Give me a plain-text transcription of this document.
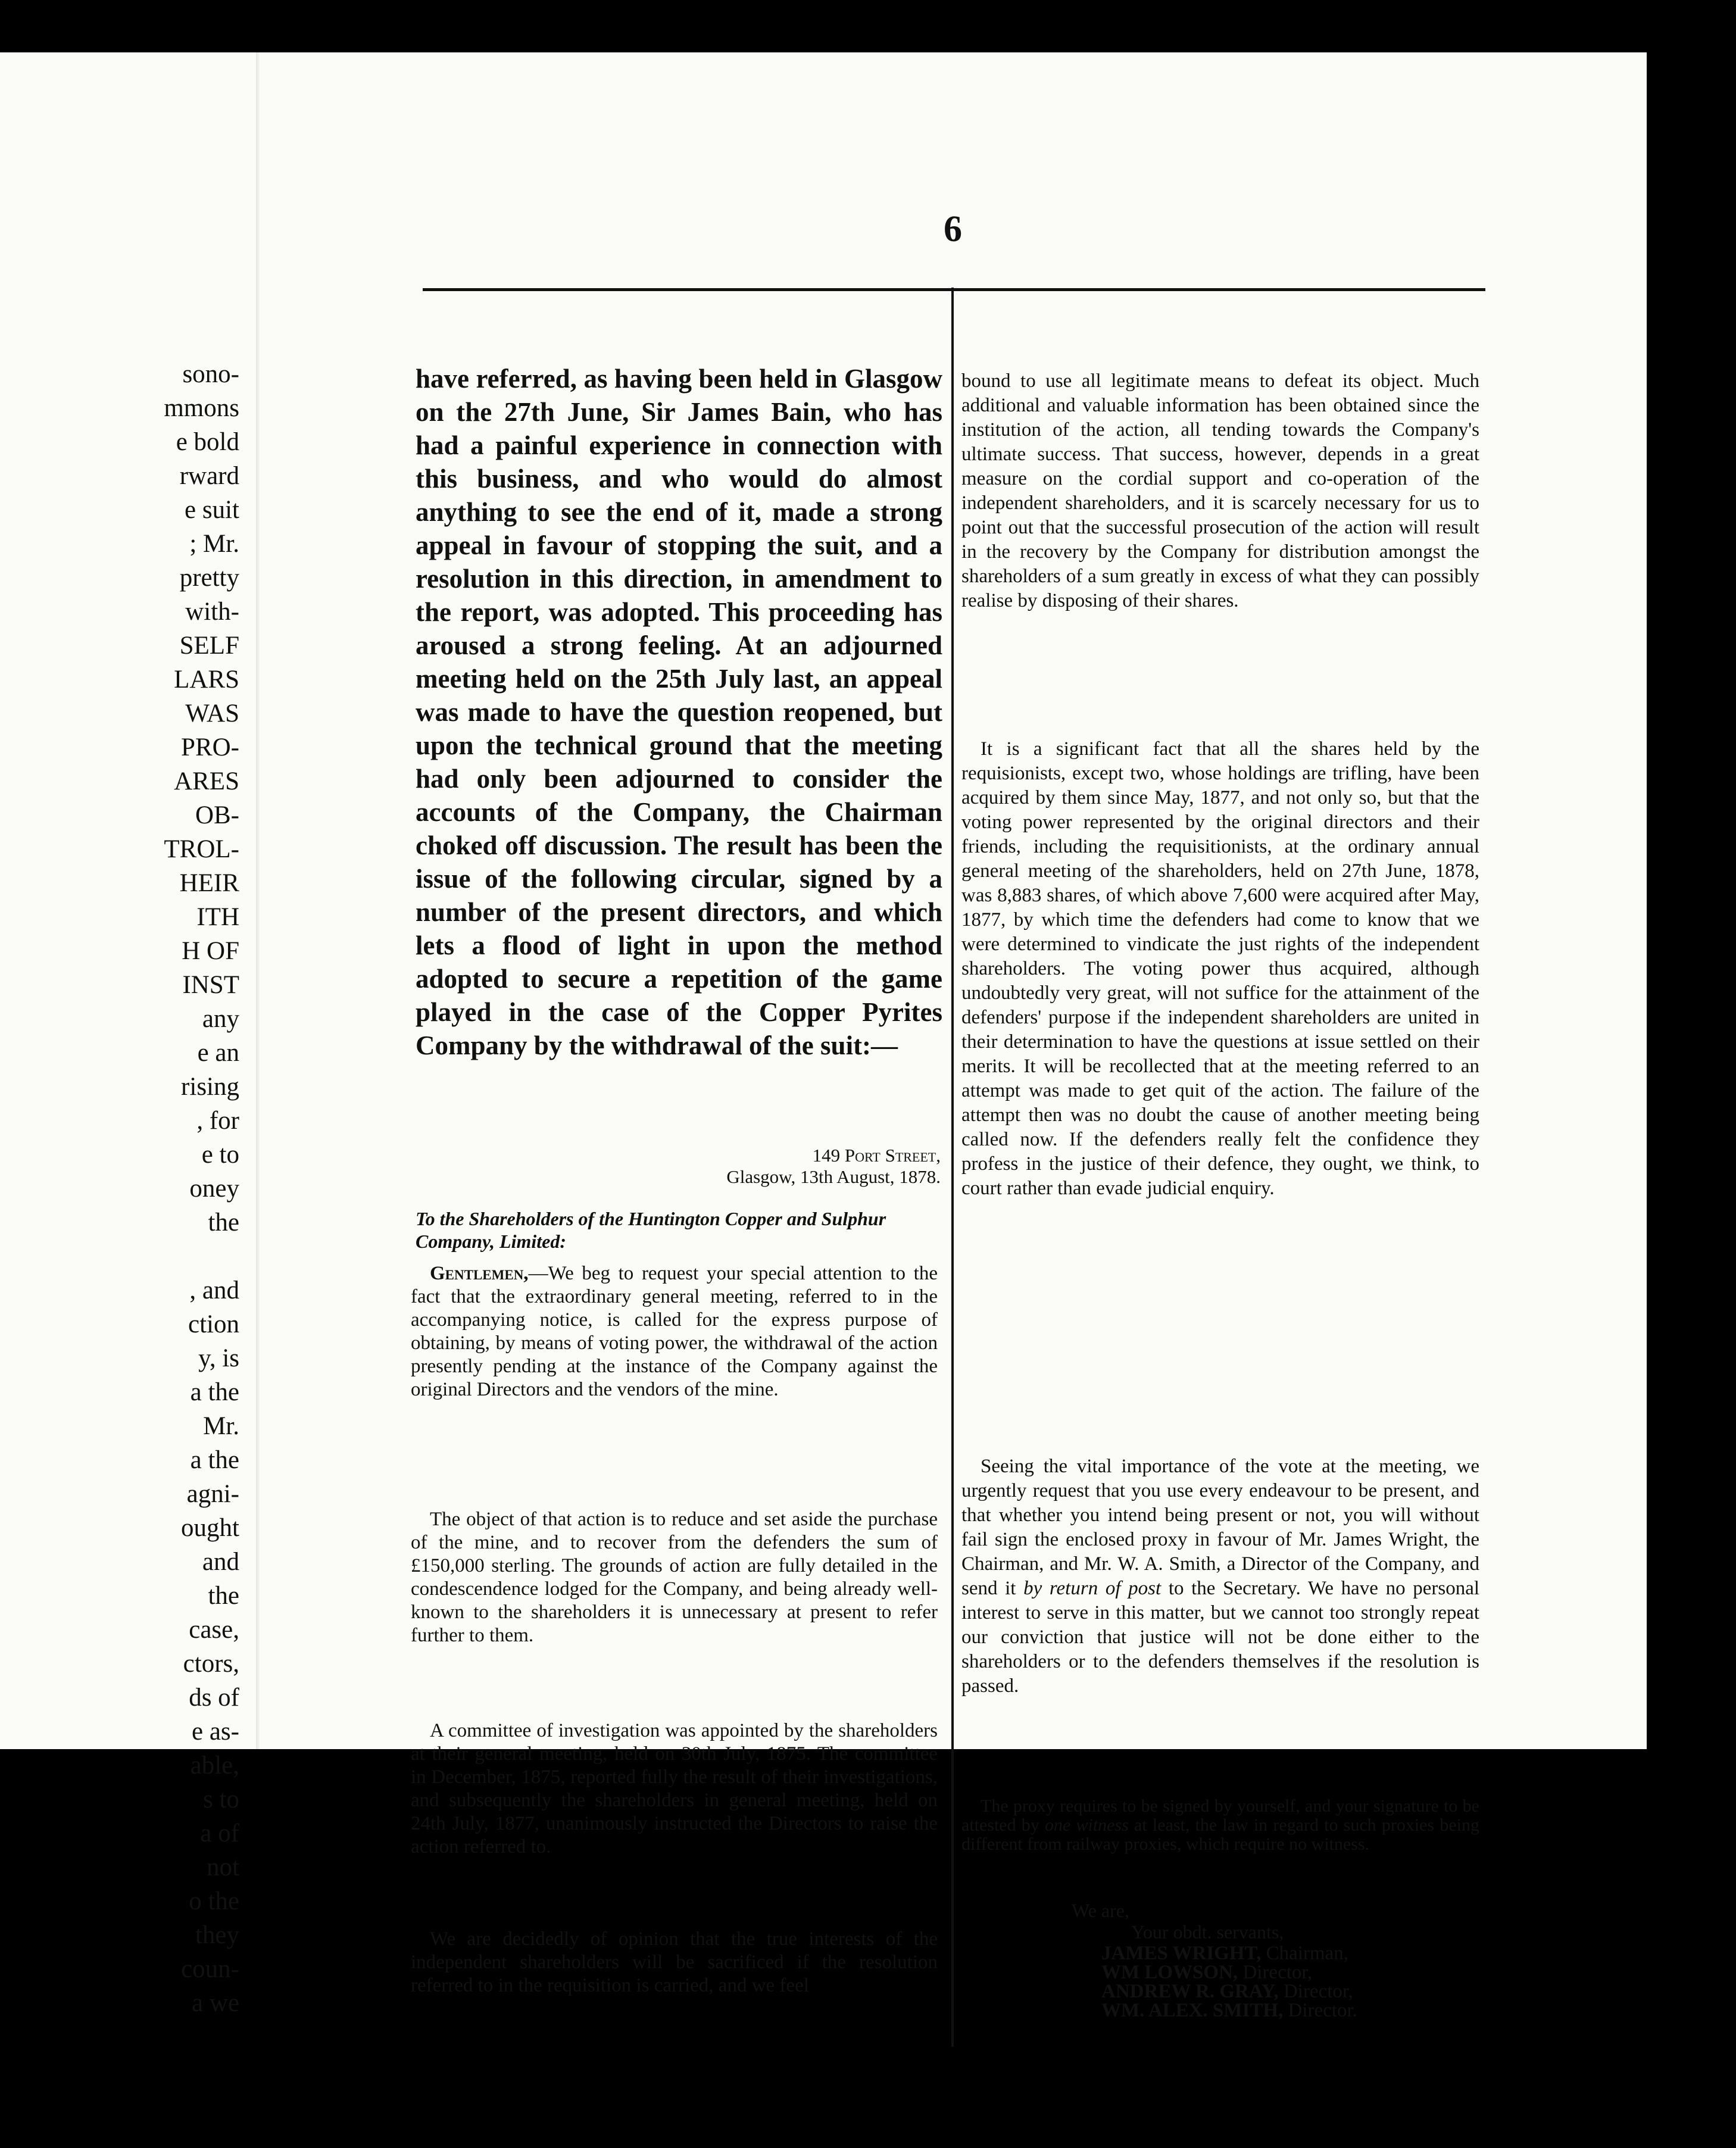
sono-
mmons
e bold
rward
e suit
; Mr.
pretty
with-
SELF
LARS
WAS
PRO-
ARES
OB-
TROL-
HEIR
ITH
H OF
INST
any
e an
rising
, for
e to
oney
the
, and
ction
y, is
a the
Mr.
a the
agni-
ought
and
the
case,
ctors,
ds of
e as-
able,
s to
a of
not
o the
they
coun-
a we

6

have referred, as having been held in Glasgow on the 27th June, Sir James Bain, who has had a painful experience in connection with this business, and who would do almost anything to see the end of it, made a strong appeal in favour of stopping the suit, and a resolution in this direction, in amendment to the report, was adopted. This proceeding has aroused a strong feeling. At an adjourned meeting held on the 25th July last, an appeal was made to have the question reopened, but upon the technical ground that the meeting had only been adjourned to consider the accounts of the Company, the Chairman choked off discussion. The result has been the issue of the following circular, signed by a number of the present directors, and which lets a flood of light in upon the method adopted to secure a repetition of the game played in the case of the Copper Pyrites Company by the withdrawal of the suit:—

149 Port Street,
Glasgow, 13th August, 1878.

To the Shareholders of the Huntington Copper and Sulphur Company, Limited:

Gentlemen,—We beg to request your special attention to the fact that the extraordinary general meeting, referred to in the accompanying notice, is called for the express purpose of obtaining, by means of voting power, the withdrawal of the action presently pending at the instance of the Company against the original Directors and the vendors of the mine.

The object of that action is to reduce and set aside the purchase of the mine, and to recover from the defenders the sum of £150,000 sterling. The grounds of action are fully detailed in the condescendence lodged for the Company, and being already well-known to the shareholders it is unnecessary at present to refer further to them.

A committee of investigation was appointed by the shareholders at their general meeting, held on 30th July, 1875. The committee in December, 1875, reported fully the result of their investigations, and subsequently the shareholders in general meeting, held on 24th July, 1877, unanimously instructed the Directors to raise the action referred to.

We are decidedly of opinion that the true interests of the independent shareholders will be sacrificed if the resolution referred to in the requisition is carried, and we feel

bound to use all legitimate means to defeat its object. Much additional and valuable information has been obtained since the institution of the action, all tending towards the Company's ultimate success. That success, however, depends in a great measure on the cordial support and co-operation of the independent shareholders, and it is scarcely necessary for us to point out that the successful prosecution of the action will result in the recovery by the Company for distribution amongst the shareholders of a sum greatly in excess of what they can possibly realise by disposing of their shares.

It is a significant fact that all the shares held by the requisionists, except two, whose holdings are trifling, have been acquired by them since May, 1877, and not only so, but that the voting power represented by the original directors and their friends, including the requisitionists, at the ordinary annual general meeting of the shareholders, held on 27th June, 1878, was 8,883 shares, of which above 7,600 were acquired after May, 1877, by which time the defenders had come to know that we were determined to vindicate the just rights of the independent shareholders. The voting power thus acquired, although undoubtedly very great, will not suffice for the attainment of the defenders' purpose if the independent shareholders are united in their determination to have the questions at issue settled on their merits. It will be recollected that at the meeting referred to an attempt was made to get quit of the action. The failure of the attempt then was no doubt the cause of another meeting being called now. If the defenders really felt the confidence they profess in the justice of their defence, they ought, we think, to court rather than evade judicial enquiry.

Seeing the vital importance of the vote at the meeting, we urgently request that you use every endeavour to be present, and that whether you intend being present or not, you will without fail sign the enclosed proxy in favour of Mr. James Wright, the Chairman, and Mr. W. A. Smith, a Director of the Company, and send it by return of post to the Secretary. We have no personal interest to serve in this matter, but we cannot too strongly repeat our conviction that justice will not be done either to the shareholders or to the defenders themselves if the resolution is passed.

The proxy requires to be signed by yourself, and your signature to be attested by one witness at least, the law in regard to such proxies being different from railway proxies, which require no witness.

We are,
Your obdt. servants,
JAMES WRIGHT, Chairman,
WM LOWSON, Director,
ANDREW R. GRAY, Director,
WM. ALEX. SMITH, Director.
